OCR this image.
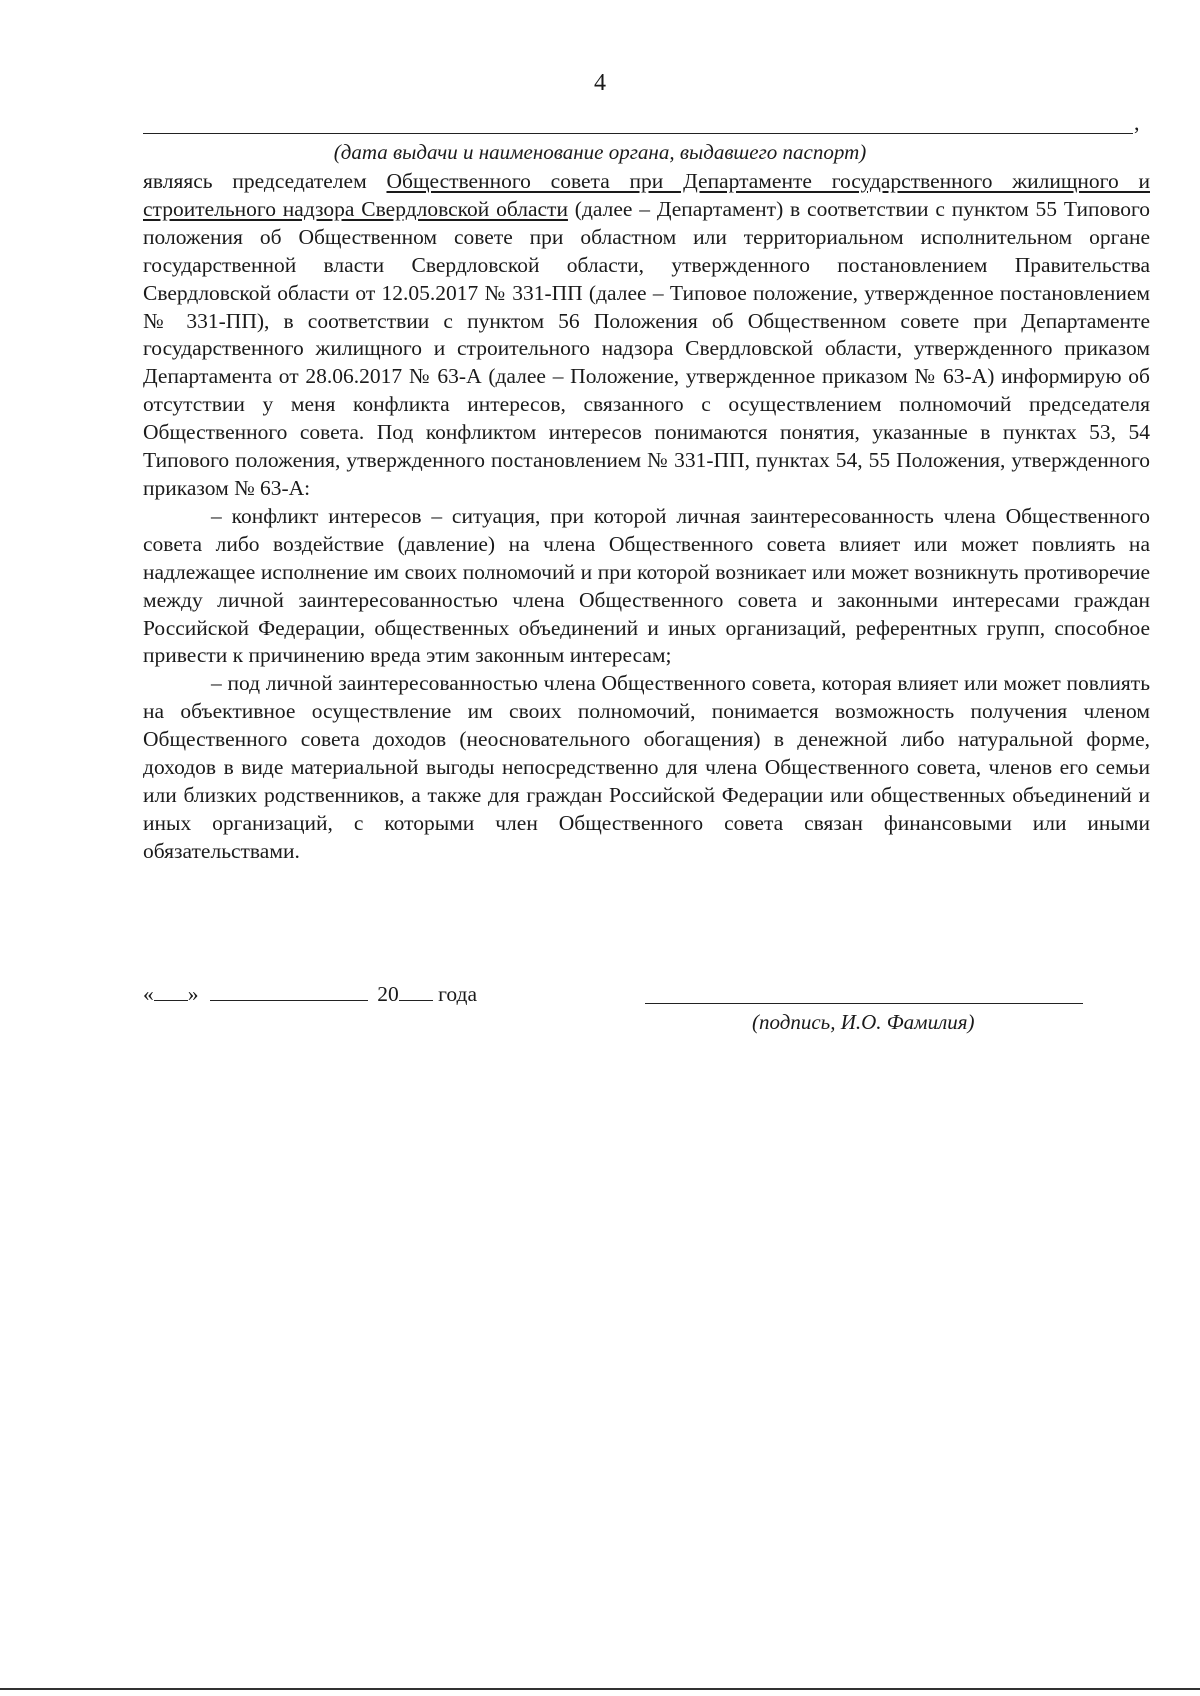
4
,
(дата выдачи и наименование органа, выдавшего паспорт)

являясь председателем Общественного совета при Департаменте государственного жилищного и строительного надзора Свердловской области (далее – Департамент) в соответствии с пунктом 55 Типового положения об Общественном совете при областном или территориальном исполнительном органе государственной власти Свердловской области, утвержденного постановлением Правительства Свердловской области от 12.05.2017 № 331-ПП (далее – Типовое положение, утвержденное постановлением № 331-ПП), в соответствии с пунктом 56 Положения об Общественном совете при Департаменте государственного жилищного и строительного надзора Свердловской области, утвержденного приказом Департамента от 28.06.2017 № 63-А (далее – Положение, утвержденное приказом № 63-А) информирую об отсутствии у меня конфликта интересов, связанного с осуществлением полномочий председателя Общественного совета. Под конфликтом интересов понимаются понятия, указанные в пунктах 53, 54 Типового положения, утвержденного постановлением № 331-ПП, пунктах 54, 55 Положения, утвержденного приказом № 63-А:

– конфликт интересов – ситуация, при которой личная заинтересованность члена Общественного совета либо воздействие (давление) на члена Общественного совета влияет или может повлиять на надлежащее исполнение им своих полномочий и при которой возникает или может возникнуть противоречие между личной заинтересованностью члена Общественного совета и законными интересами граждан Российской Федерации, общественных объединений и иных организаций, референтных групп, способное привести к причинению вреда этим законным интересам;

– под личной заинтересованностью члена Общественного совета, которая влияет или может повлиять на объективное осуществление им своих полномочий, понимается возможность получения членом Общественного совета доходов (неосновательного обогащения) в денежной либо натуральной форме, доходов в виде материальной выгоды непосредственно для члена Общественного совета, членов его семьи или близких родственников, а также для граждан Российской Федерации или общественных объединений и иных организаций, с которыми член Общественного совета связан финансовыми или иными обязательствами.

« »	20 года
(подпись, И.О. Фамилия)
